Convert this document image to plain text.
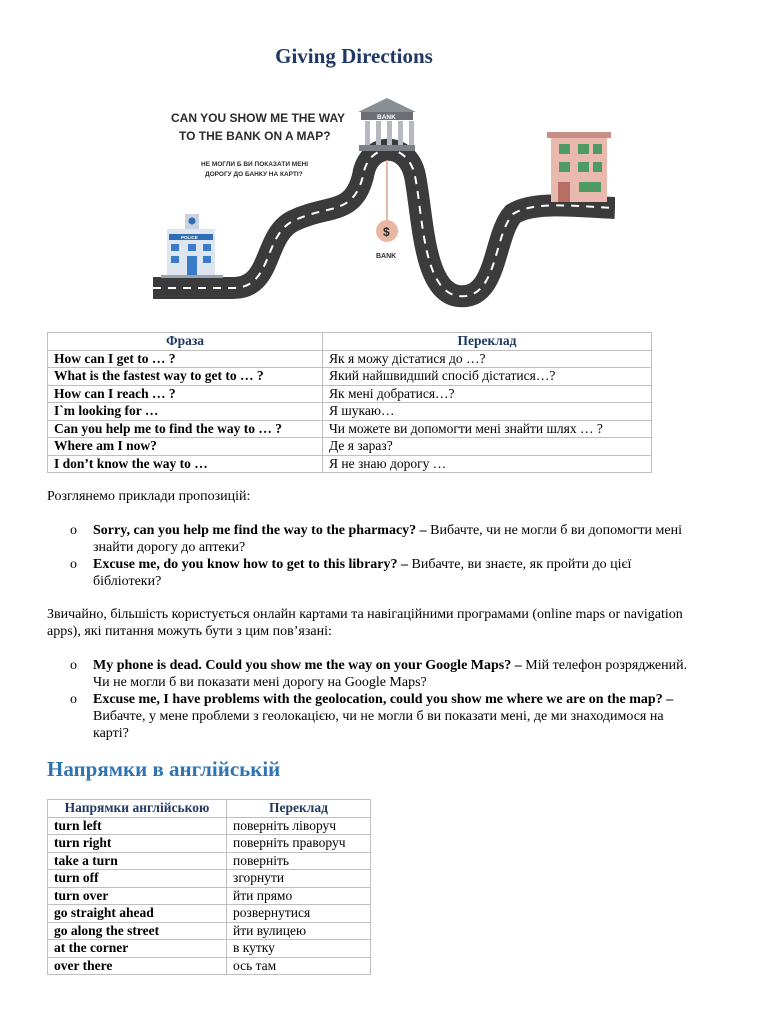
Giving Directions
CAN YOU SHOW ME THE WAY
TO THE BANK ON A MAP?
НЕ МОГЛИ Б ВИ ПОКАЗАТИ МЕНІ
ДОРОГУ ДО БАНКУ НА КАРТІ?
BANK
$
BANK
POLICE
Фраза	Переклад
How can I get to … ?	Як я можу дістатися до …?
What is the fastest way to get to … ?	Який найшвидший спосіб дістатися…?
How can I reach … ?	Як мені добратися…?
I`m looking for …	Я шукаю…
Can you help me to find the way to … ?	Чи можете ви допомогти мені знайти шлях … ?
Where am I now?	Де я зараз?
I don’t know the way to …	Я не знаю дорогу …
Розглянемо приклади пропозицій:
o Sorry, can you help me find the way to the pharmacy? – Вибачте, чи не могли б ви допомогти мені знайти дорогу до аптеки?
o Excuse me, do you know how to get to this library? – Вибачте, ви знаєте, як пройти до цієї бібліотеки?
Звичайно, більшість користується онлайн картами та навігаційними програмами (online maps or navigation apps), які питання можуть бути з цим пов’язані:
o My phone is dead. Could you show me the way on your Google Maps? – Мій телефон розряджений. Чи не могли б ви показати мені дорогу на Google Maps?
o Excuse me, I have problems with the geolocation, could you show me where we are on the map? – Вибачте, у мене проблеми з геолокацією, чи не могли б ви показати мені, де ми знаходимося на карті?
Напрямки в англійській
Напрямки англійською	Переклад
turn left	поверніть ліворуч
turn right	поверніть праворуч
take a turn	поверніть
turn off	згорнути
turn over	йти прямо
go straight ahead	розвернутися
go along the street	йти вулицею
at the corner	в кутку
over there	ось там
